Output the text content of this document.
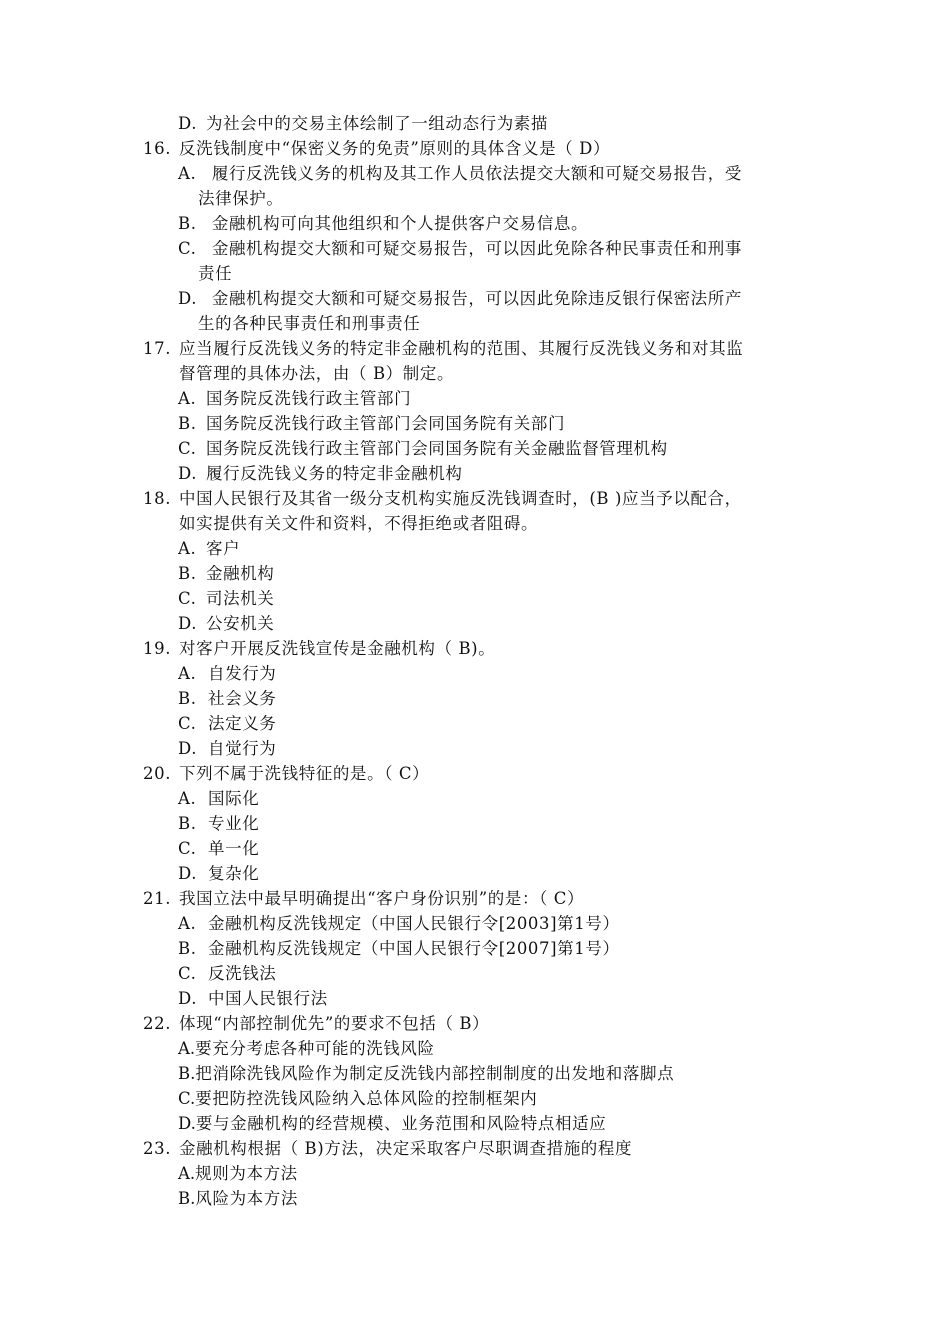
D. 为社会中的交易主体绘制了一组动态行为素描
16. 反洗钱制度中“保密义务的免责”原则的具体含义是（ D）
A. 履行反洗钱义务的机构及其工作人员依法提交大额和可疑交易报告，受
法律保护。
B. 金融机构可向其他组织和个人提供客户交易信息。
C. 金融机构提交大额和可疑交易报告，可以因此免除各种民事责任和刑事
责任
D. 金融机构提交大额和可疑交易报告，可以因此免除违反银行保密法所产
生的各种民事责任和刑事责任
17. 应当履行反洗钱义务的特定非金融机构的范围、其履行反洗钱义务和对其监
督管理的具体办法，由（ B）制定。
A. 国务院反洗钱行政主管部门
B. 国务院反洗钱行政主管部门会同国务院有关部门
C. 国务院反洗钱行政主管部门会同国务院有关金融监督管理机构
D. 履行反洗钱义务的特定非金融机构
18. 中国人民银行及其省一级分支机构实施反洗钱调查时，(B )应当予以配合，
如实提供有关文件和资料，不得拒绝或者阻碍。
A. 客户
B. 金融机构
C. 司法机关
D. 公安机关
19. 对客户开展反洗钱宣传是金融机构（ B)。
A. 自发行为
B. 社会义务
C. 法定义务
D. 自觉行为
20. 下列不属于洗钱特征的是。（ C）
A. 国际化
B. 专业化
C. 单一化
D. 复杂化
21. 我国立法中最早明确提出“客户身份识别”的是：（ C）
A. 金融机构反洗钱规定（中国人民银行令[2003]第1号）
B. 金融机构反洗钱规定（中国人民银行令[2007]第1号）
C. 反洗钱法
D. 中国人民银行法
22. 体现“内部控制优先”的要求不包括（ B）
A.要充分考虑各种可能的洗钱风险
B.把消除洗钱风险作为制定反洗钱内部控制制度的出发地和落脚点
C.要把防控洗钱风险纳入总体风险的控制框架内
D.要与金融机构的经营规模、业务范围和风险特点相适应
23. 金融机构根据（ B)方法，决定采取客户尽职调查措施的程度
A.规则为本方法
B.风险为本方法
